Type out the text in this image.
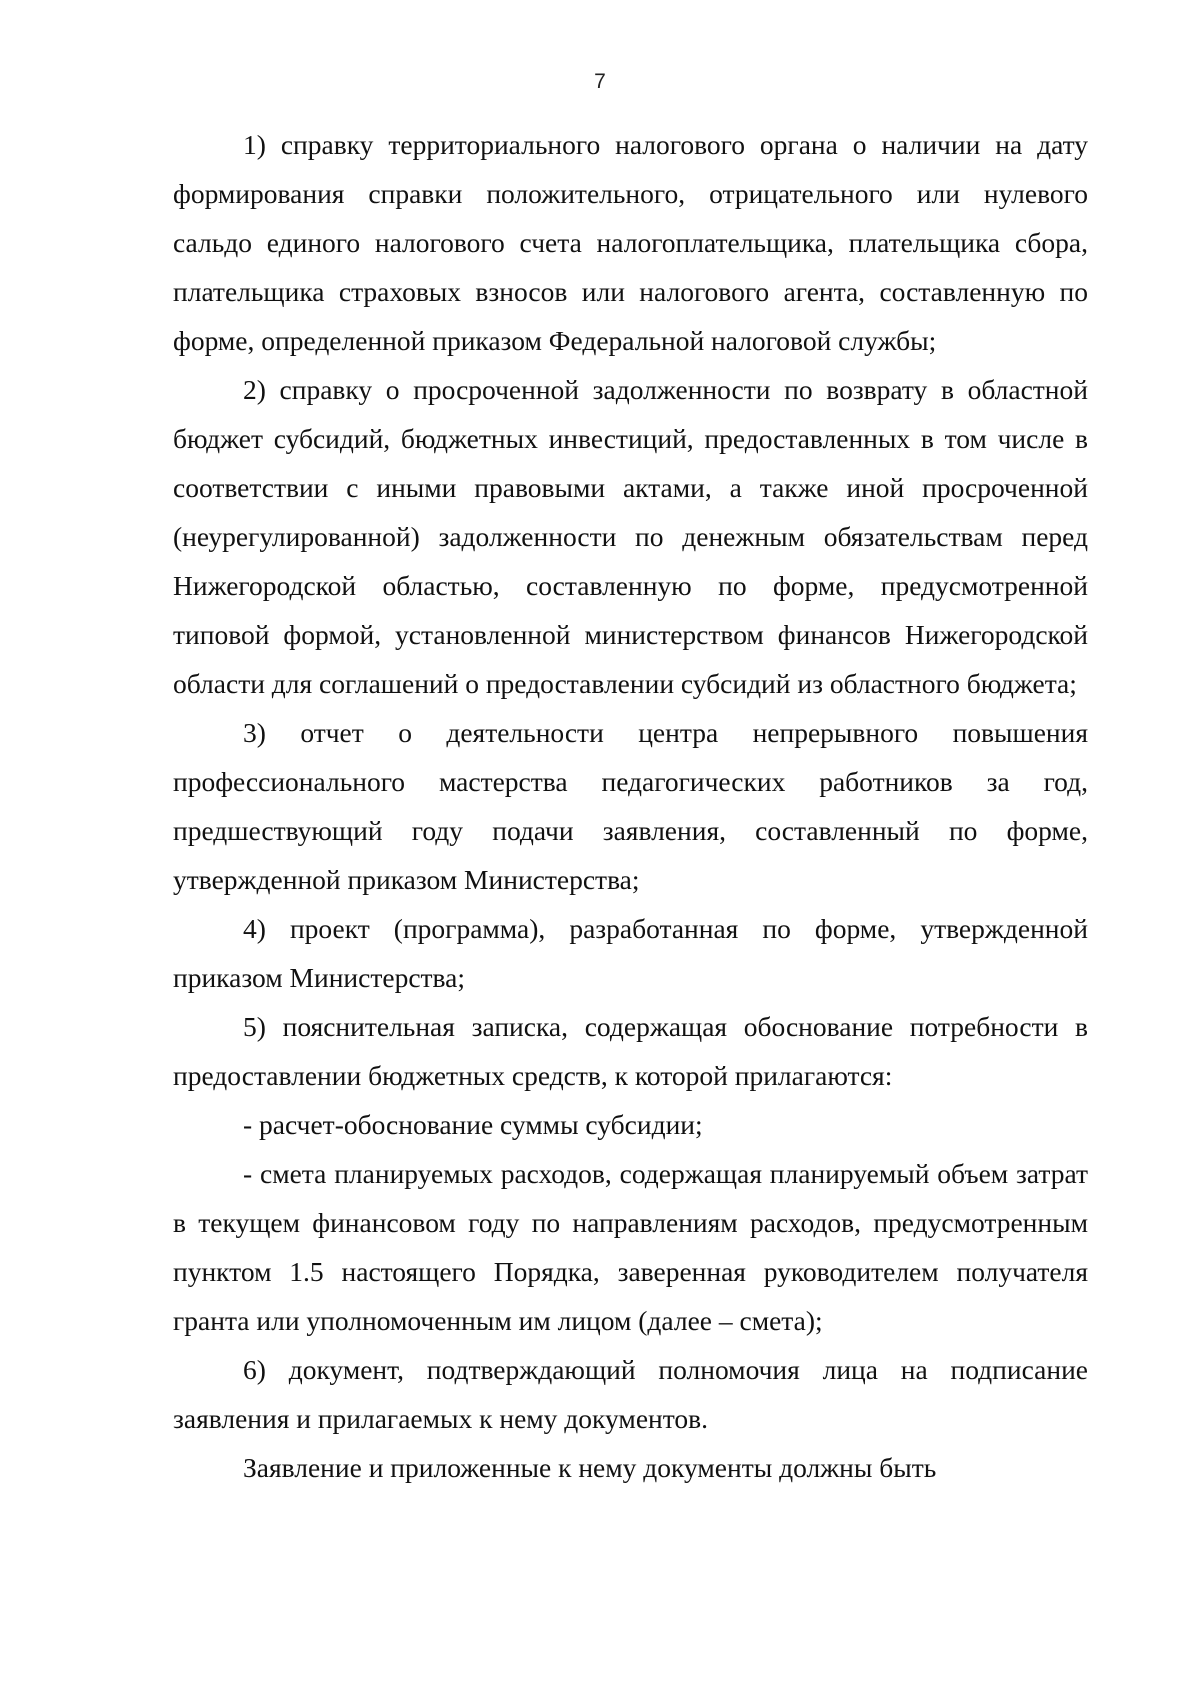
7

1) справку территориального налогового органа о наличии на дату формирования справки положительного, отрицательного или нулевого сальдо единого налогового счета налогоплательщика, плательщика сбора, плательщика страховых взносов или налогового агента, составленную по форме, определенной приказом Федеральной налоговой службы;

2) справку о просроченной задолженности по возврату в областной бюджет субсидий, бюджетных инвестиций, предоставленных в том числе в соответствии с иными правовыми актами, а также иной просроченной (неурегулированной) задолженности по денежным обязательствам перед Нижегородской областью, составленную по форме, предусмотренной типовой формой, установленной министерством финансов Нижегородской области для соглашений о предоставлении субсидий из областного бюджета;

3) отчет о деятельности центра непрерывного повышения профессионального мастерства педагогических работников за год, предшествующий году подачи заявления, составленный по форме, утвержденной приказом Министерства;

4) проект (программа), разработанная по форме, утвержденной приказом Министерства;

5) пояснительная записка, содержащая обоснование потребности в предоставлении бюджетных средств, к которой прилагаются:

- расчет-обоснование суммы субсидии;

- смета планируемых расходов, содержащая планируемый объем затрат в текущем финансовом году по направлениям расходов, предусмотренным пунктом 1.5 настоящего Порядка, заверенная руководителем получателя гранта или уполномоченным им лицом (далее – смета);

6) документ, подтверждающий полномочия лица на подписание заявления и прилагаемых к нему документов.

Заявление и приложенные к нему документы должны быть
